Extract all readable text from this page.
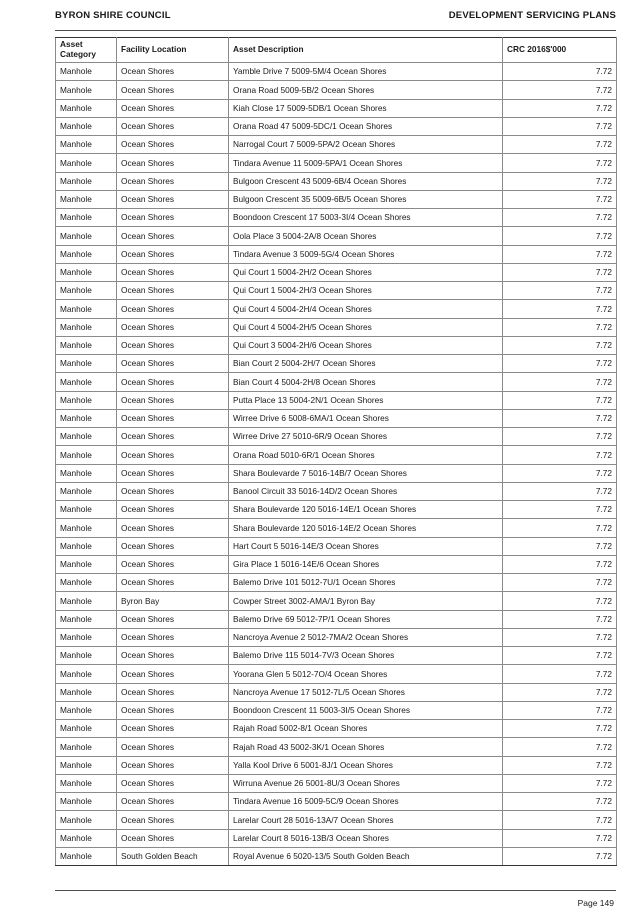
BYRON SHIRE COUNCIL	DEVELOPMENT SERVICING PLANS
Asset Category	Facility Location	Asset Description	CRC 2016$'000
Manhole	Ocean Shores	Yamble Drive 7 5009-5M/4 Ocean Shores	7.72
Manhole	Ocean Shores	Orana Road 5009-5B/2 Ocean Shores	7.72
Manhole	Ocean Shores	Kiah Close 17 5009-5DB/1 Ocean Shores	7.72
Manhole	Ocean Shores	Orana Road 47 5009-5DC/1 Ocean Shores	7.72
Manhole	Ocean Shores	Narrogal Court 7 5009-5PA/2 Ocean Shores	7.72
Manhole	Ocean Shores	Tindara Avenue 11 5009-5PA/1 Ocean Shores	7.72
Manhole	Ocean Shores	Bulgoon Crescent 43 5009-6B/4 Ocean Shores	7.72
Manhole	Ocean Shores	Bulgoon Crescent 35 5009-6B/5 Ocean Shores	7.72
Manhole	Ocean Shores	Boondoon Crescent 17 5003-3I/4 Ocean Shores	7.72
Manhole	Ocean Shores	Oola Place 3 5004-2A/8 Ocean Shores	7.72
Manhole	Ocean Shores	Tindara Avenue 3 5009-5G/4 Ocean Shores	7.72
Manhole	Ocean Shores	Qui Court 1 5004-2H/2 Ocean Shores	7.72
Manhole	Ocean Shores	Qui Court 1 5004-2H/3 Ocean Shores	7.72
Manhole	Ocean Shores	Qui Court 4 5004-2H/4 Ocean Shores	7.72
Manhole	Ocean Shores	Qui Court 4 5004-2H/5 Ocean Shores	7.72
Manhole	Ocean Shores	Qui Court 3 5004-2H/6 Ocean Shores	7.72
Manhole	Ocean Shores	Bian Court 2 5004-2H/7 Ocean Shores	7.72
Manhole	Ocean Shores	Bian Court 4 5004-2H/8 Ocean Shores	7.72
Manhole	Ocean Shores	Putta Place 13 5004-2N/1 Ocean Shores	7.72
Manhole	Ocean Shores	Wirree Drive 6 5008-6MA/1 Ocean Shores	7.72
Manhole	Ocean Shores	Wirree Drive 27 5010-6R/9 Ocean Shores	7.72
Manhole	Ocean Shores	Orana Road 5010-6R/1 Ocean Shores	7.72
Manhole	Ocean Shores	Shara Boulevarde 7 5016-14B/7 Ocean Shores	7.72
Manhole	Ocean Shores	Banool Circuit 33 5016-14D/2 Ocean Shores	7.72
Manhole	Ocean Shores	Shara Boulevarde 120 5016-14E/1 Ocean Shores	7.72
Manhole	Ocean Shores	Shara Boulevarde 120 5016-14E/2 Ocean Shores	7.72
Manhole	Ocean Shores	Hart Court 5 5016-14E/3 Ocean Shores	7.72
Manhole	Ocean Shores	Gira Place 1 5016-14E/6 Ocean Shores	7.72
Manhole	Ocean Shores	Balemo Drive 101 5012-7U/1 Ocean Shores	7.72
Manhole	Byron Bay	Cowper Street 3002-AMA/1 Byron Bay	7.72
Manhole	Ocean Shores	Balemo Drive 69 5012-7P/1 Ocean Shores	7.72
Manhole	Ocean Shores	Nancroya Avenue 2 5012-7MA/2 Ocean Shores	7.72
Manhole	Ocean Shores	Balemo Drive 115 5014-7V/3 Ocean Shores	7.72
Manhole	Ocean Shores	Yoorana Glen 5 5012-7O/4 Ocean Shores	7.72
Manhole	Ocean Shores	Nancroya Avenue 17 5012-7L/5 Ocean Shores	7.72
Manhole	Ocean Shores	Boondoon Crescent 11 5003-3I/5 Ocean Shores	7.72
Manhole	Ocean Shores	Rajah Road 5002-8/1 Ocean Shores	7.72
Manhole	Ocean Shores	Rajah Road 43 5002-3K/1 Ocean Shores	7.72
Manhole	Ocean Shores	Yalla Kool Drive 6 5001-8J/1 Ocean Shores	7.72
Manhole	Ocean Shores	Wirruna Avenue 26 5001-8U/3 Ocean Shores	7.72
Manhole	Ocean Shores	Tindara Avenue 16 5009-5C/9 Ocean Shores	7.72
Manhole	Ocean Shores	Larelar Court 28 5016-13A/7 Ocean Shores	7.72
Manhole	Ocean Shores	Larelar Court 8 5016-13B/3 Ocean Shores	7.72
Manhole	South Golden Beach	Royal Avenue 6 5020-13/5 South Golden Beach	7.72
Page 149
